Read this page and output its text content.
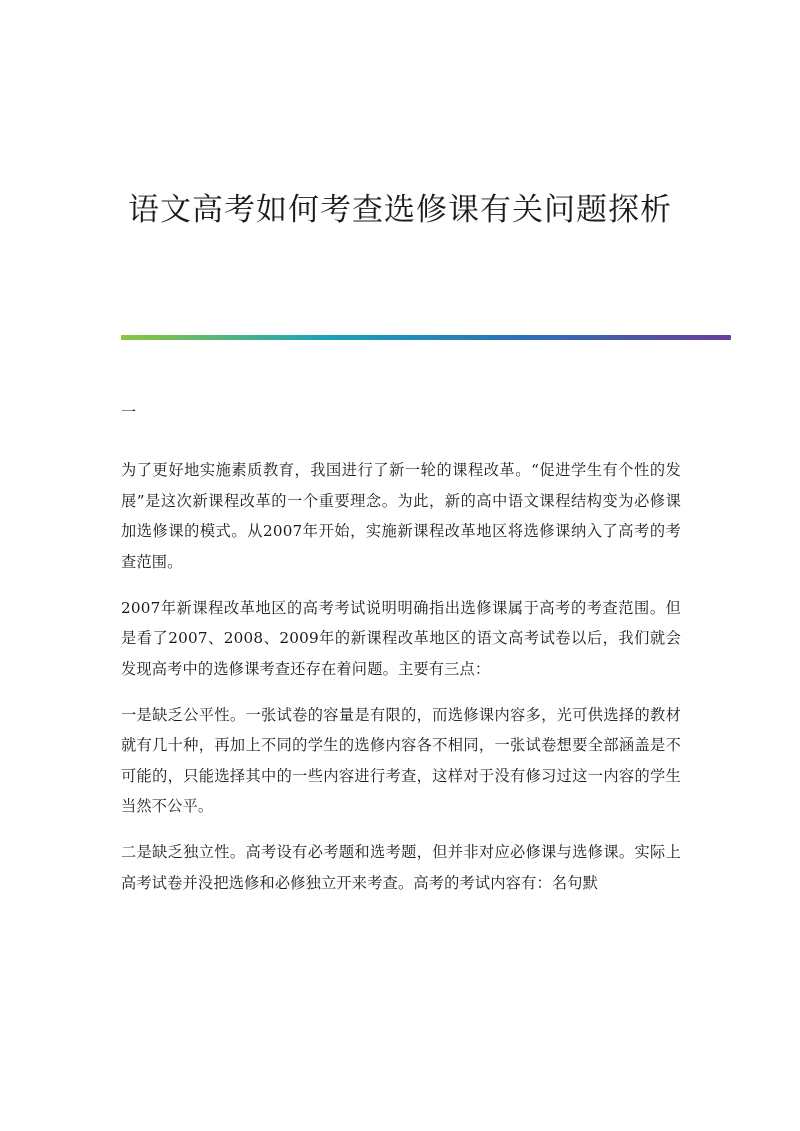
语文高考如何考查选修课有关问题探析
一

为了更好地实施素质教育，我国进行了新一轮的课程改革。“促进学生有个性的发展”是这次新课程改革的一个重要理念。为此，新的高中语文课程结构变为必修课加选修课的模式。从2007年开始，实施新课程改革地区将选修课纳入了高考的考查范围。

2007年新课程改革地区的高考考试说明明确指出选修课属于高考的考查范围。但是看了2007、2008、2009年的新课程改革地区的语文高考试卷以后，我们就会发现高考中的选修课考查还存在着问题。主要有三点：

一是缺乏公平性。一张试卷的容量是有限的，而选修课内容多，光可供选择的教材就有几十种，再加上不同的学生的选修内容各不相同，一张试卷想要全部涵盖是不可能的，只能选择其中的一些内容进行考查，这样对于没有修习过这一内容的学生当然不公平。

二是缺乏独立性。高考设有必考题和选考题，但并非对应必修课与选修课。实际上高考试卷并没把选修和必修独立开来考查。高考的考试内容有：名句默
